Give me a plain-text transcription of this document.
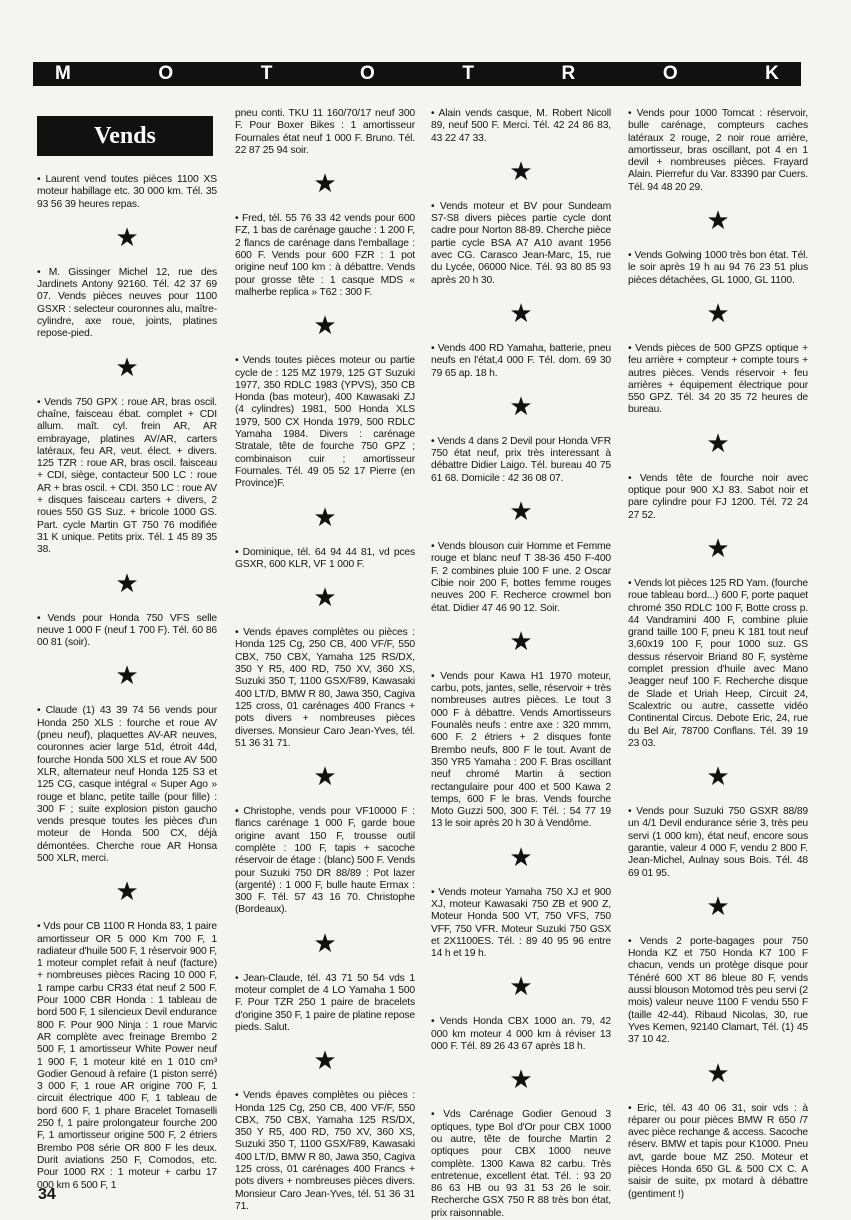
M	O	T	O	T	R	O	K
Vends

• Laurent vend toutes pièces 1100 XS moteur habillage etc. 30 000 km. Tél. 35 93 56 39 heures repas.

★

• M. Gissinger Michel 12, rue des Jardinets Antony 92160. Tél. 42 37 69 07. Vends pièces neuves pour 1100 GSXR : selecteur couronnes alu, maître-cylindre, axe roue, joints, platines repose-pied.

★

• Vends 750 GPX : roue AR, bras oscil. chaîne, faisceau ébat. complet + CDI allum. maît. cyl. frein AR, AR embrayage, platines AV/AR, carters latéraux, feu AR, veut. élect. + divers. 125 TZR : roue AR, bras oscil. faisceau + CDI, siège, contacteur 500 LC : roue AR + bras oscil. + CDI. 350 LC : roue AV + disques faisceau carters + divers, 2 roues 550 GS Suz. + bricole 1000 GS. Part. cycle Martin GT 750 76 modifiée 31 K unique. Petits prix. Tél. 1 45 89 35 38.

★

• Vends pour Honda 750 VFS selle neuve 1 000 F (neuf 1 700 F). Tél. 60 86 00 81 (soir).

★

• Claude (1) 43 39 74 56 vends pour Honda 250 XLS : fourche et roue AV (pneu neuf), plaquettes AV-AR neuves, couronnes acier large 51d, étroit 44d, fourche Honda 500 XLS et roue AV 500 XLR, alternateur neuf Honda 125 S3 et 125 CG, casque intégral « Super Ago » rouge et blanc, petite taille (pour fille) : 300 F ; suite explosion piston gaucho vends presque toutes les pièces d'un moteur de Honda 500 CX, déjà démontées. Cherche roue AR Honsa 500 XLR, merci.

★

• Vds pour CB 1100 R Honda 83, 1 paire amortisseur OR 5 000 Km 700 F, 1 radiateur d'huile 500 F, 1 réservoir 900 F, 1 moteur complet refait à neuf (facture) + nombreuses pièces Racing 10 000 F, 1 rampe carbu CR33 état neuf 2 500 F. Pour 1000 CBR Honda : 1 tableau de bord 500 F, 1 silencieux Devil endurance 800 F. Pour 900 Ninja : 1 roue Marvic AR complète avec freinage Brembo 2 500 F, 1 amortisseur White Power neuf 1 900 F, 1 moteur kité en 1 010 cm³ Godier Genoud à refaire (1 piston serré) 3 000 F, 1 roue AR origine 700 F, 1 circuit électrique 400 F, 1 tableau de bord 600 F, 1 phare Bracelet Tomaselli 250 f, 1 paire prolongateur fourche 200 F, 1 amortisseur origine 500 F, 2 étriers Brembo P08 série OR 800 F les deux. Durit aviations 250 F, Comodos, etc. Pour 1000 RX : 1 moteur + carbu 17 000 km 6 500 F, 1

pneu conti. TKU 11 160/70/17 neuf 300 F. Pour Boxer Bikes : 1 amortisseur Fournales état neuf 1 000 F. Bruno. Tél. 22 87 25 94 soir.

★

• Fred, tél. 55 76 33 42 vends pour 600 FZ, 1 bas de carénage gauche : 1 200 F, 2 flancs de carénage dans l'emballage : 600 F. Vends pour 600 FZR : 1 pot origine neuf 100 km : à débattre. Vends pour grosse tête : 1 casque MDS « malherbe replica » T62 : 300 F.

★

• Vends toutes pièces moteur ou partie cycle de : 125 MZ 1979, 125 GT Suzuki 1977, 350 RDLC 1983 (YPVS), 350 CB Honda (bas moteur), 400 Kawasaki ZJ (4 cylindres) 1981, 500 Honda XLS 1979, 500 CX Honda 1979, 500 RDLC Yamaha 1984. Divers : carénage Stratale, tête de fourche 750 GPZ ; combinaison cuir ; amortisseur Fournales. Tél. 49 05 52 17 Pierre (en Province)F.

★

• Dominique, tél. 64 94 44 81, vd pces GSXR, 600 KLR, VF 1 000 F.

★

• Vends épaves complètes ou pièces : Honda 125 Cg, 250 CB, 400 VF/F, 550 CBX, 750 CBX, Yamaha 125 RS/DX, 350 Y R5, 400 RD, 750 XV, 360 XS, Suzuki 350 T, 1100 GSX/F89, Kawasaki 400 LT/D, BMW R 80, Jawa 350, Cagiva 125 cross, 01 carénages 400 Francs + pots divers + nombreuses pièces diverses. Monsieur Caro Jean-Yves, tél. 51 36 31 71.

★

• Christophe, vends pour VF10000 F : flancs carénage 1 000 F, garde boue origine avant 150 F, trousse outil complète : 100 F, tapis + sacoche réservoir de étage : (blanc) 500 F. Vends pour Suzuki 750 DR 88/89 : Pot lazer (argenté) : 1 000 F, bulle haute Ermax : 300 F. Tél. 57 43 16 70. Christophe (Bordeaux).

★

• Jean-Claude, tél. 43 71 50 54 vds 1 moteur complet de 4 LO Yamaha 1 500 F. Pour TZR 250 1 paire de bracelets d'origine 350 F, 1 paire de platine repose pieds. Salut.

★

• Vends épaves complètes ou pièces : Honda 125 Cg, 250 CB, 400 VF/F, 550 CBX, 750 CBX, Yamaha 125 RS/DX, 350 Y R5, 400 RD, 750 XV, 360 XS, Suzuki 350 T, 1100 GSX/F89, Kawasaki 400 LT/D, BMW R 80, Jawa 350, Cagiva 125 cross, 01 carénages 400 Francs + pots divers + nombreuses pièces divers. Monsieur Caro Jean-Yves, tél. 51 36 31 71.

• Alain vends casque, M. Robert Nicoll 89, neuf 500 F. Merci. Tél. 42 24 86 83, 43 22 47 33.

★

• Vends moteur et BV pour Sundeam S7-S8 divers pièces partie cycle dont cadre pour Norton 88-89. Cherche pièce partie cycle BSA A7 A10 avant 1956 avec CG. Carasco Jean-Marc, 15, rue du Lycée, 06000 Nice. Tél. 93 80 85 93 après 20 h 30.

★

• Vends 400 RD Yamaha, batterie, pneu neufs en l'état,4 000 F. Tél. dom. 69 30 79 65 ap. 18 h.

★

• Vends 4 dans 2 Devil pour Honda VFR 750 état neuf, prix très interessant à débattre Didier Laigo. Tél. bureau 40 75 61 68. Domicile : 42 36 08 07.

★

• Vends blouson cuir Homme et Femme rouge et blanc neuf T 38-36 450 F-400 F. 2 combines pluie 100 F une. 2 Oscar Cibie noir 200 F, bottes femme rouges neuves 200 F. Recherce crowmel bon état. Didier 47 46 90 12. Soir.

★

• Vends pour Kawa H1 1970 moteur, carbu, pots, jantes, selle, réservoir + très nombreuses autres pièces. Le tout 3 000 F à débattre. Vends Amortisseurs Founalès neufs : entre axe : 320 mmm, 600 F. 2 étriers + 2 disques fonte Brembo neufs, 800 F le tout. Avant de 350 YR5 Yamaha : 200 F. Bras oscillant neuf chromé Martin à section rectangulaire pour 400 et 500 Kawa 2 temps, 600 F le bras. Vends fourche Moto Guzzi 500, 300 F. Tél. : 54 77 19 13 le soir après 20 h 30 à Vendôme.

★

• Vends moteur Yamaha 750 XJ et 900 XJ, moteur Kawasaki 750 ZB et 900 Z, Moteur Honda 500 VT, 750 VFS, 750 VFF, 750 VFR. Moteur Suzuki 750 GSX et 2X1100ES. Tél. : 89 40 95 96 entre 14 h et 19 h.

★

• Vends Honda CBX 1000 an. 79, 42 000 km moteur 4 000 km à réviser 13 000 F. Tél. 89 26 43 67 après 18 h.

★

• Vds Carénage Godier Genoud 3 optiques, type Bol d'Or pour CBX 1000 ou autre, tête de fourche Martin 2 optiques pour CBX 1000 neuve complète. 1300 Kawa 82 carbu. Très entretenue, excellent état. Tél. : 93 20 86 63 HB ou 93 31 53 26 le soir. Recherche GSX 750 R 88 très bon état, prix raisonnable.

• Vends pour 1000 Tomcat : réservoir, bulle carénage, compteurs caches latéraux 2 rouge, 2 noir roue arrière, amortisseur, bras oscillant, pot 4 en 1 devil + nombreuses pièces. Frayard Alain. Pierrefur du Var. 83390 par Cuers. Tél. 94 48 20 29.

★

• Vends Golwing 1000 très bon état. Tél. le soir après 19 h au 94 76 23 51 plus pièces détachées, GL 1000, GL 1100.

★

• Vends pièces de 500 GPZS optique + feu arrière + compteur + compte tours + autres pièces. Vends réservoir + feu arrières + équipement électrique pour 550 GPZ. Tél. 34 20 35 72 heures de bureau.

★

• Vends tête de fourche noir avec optique pour 900 XJ 83. Sabot noir et pare cylindre pour FJ 1200. Tél. 72 24 27 52.

★

• Vends lot pièces 125 RD Yam. (fourche roue tableau bord...) 600 F, porte paquet chromé 350 RDLC 100 F, Botte cross p. 44 Vandramini 400 F, combine pluie grand taille 100 F, pneu K 181 tout neuf 3,60x19 100 F, pour 1000 suz. GS dessus réservoir Briand 80 F, système complet pression d'huile avec Mano Jeagger neuf 100 F. Recherche disque de Slade et Uriah Heep, Circuit 24, Scalextric ou autre, cassette vidéo Continental Circus. Debote Eric, 24, rue du Bel Air, 78700 Conflans. Tél. 39 19 23 03.

★

• Vends pour Suzuki 750 GSXR 88/89 un 4/1 Devil endurance série 3, très peu servi (1 000 km), état neuf, encore sous garantie, valeur 4 000 F, vendu 2 800 F. Jean-Michel, Aulnay sous Bois. Tél. 48 69 01 95.

★

• Vends 2 porte-bagages pour 750 Honda KZ et 750 Honda K7 100 F chacun, vends un protège disque pour Ténéré 600 XT 86 bleue 80 F, vends aussi blouson Motomod très peu servi (2 mois) valeur neuve 1100 F vendu 550 F (taille 42-44). Ribaud Nicolas, 30, rue Yves Kemen, 92140 Clamart, Tél. (1) 45 37 10 42.

★

• Eric, tél. 43 40 06 31, soir vds : à réparer ou pour pièces BMW R 650 /7 avec pièce rechange & access. Sacoche réserv. BMW et tapis pour K1000. Pneu avt, garde boue MZ 250. Moteur et pièces Honda 650 GL & 500 CX C. A saisir de suite, px motard à débattre (gentiment !)

34
